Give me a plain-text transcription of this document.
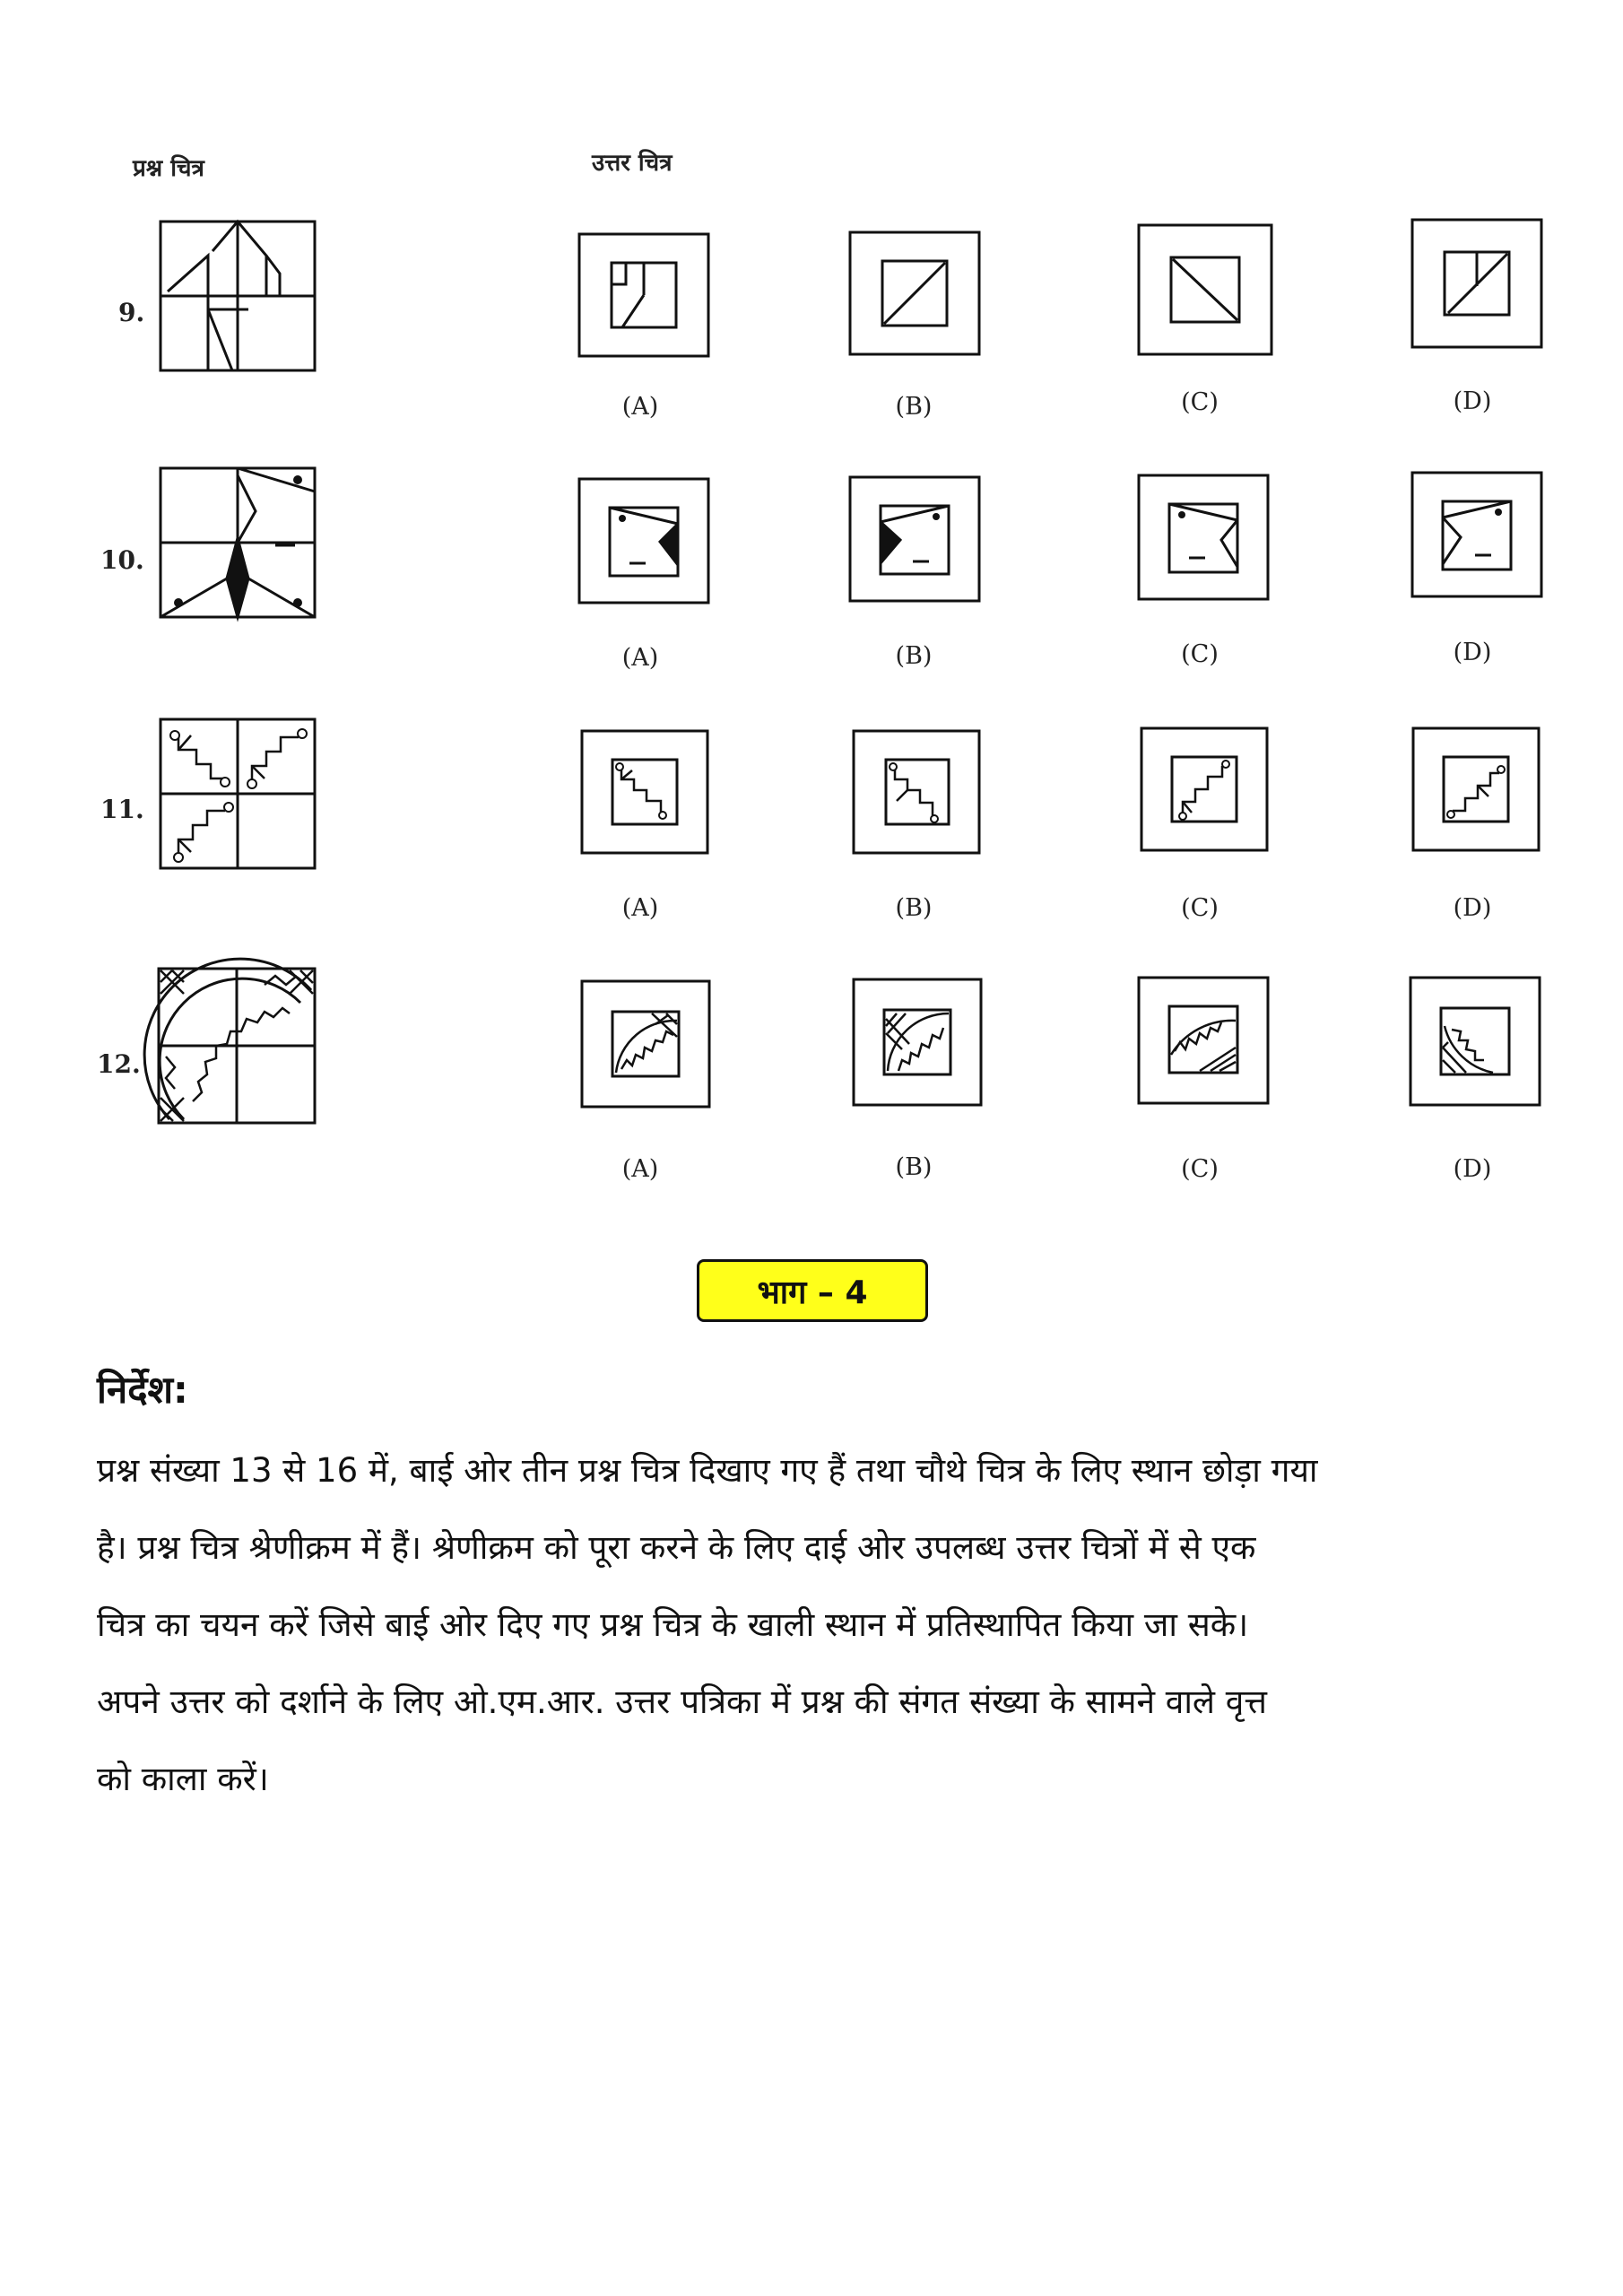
प्रश्न चित्र	उत्तर चित्र
9.
(A)	(B)	(C)	(D)
10.
(A)	(B)	(C)	(D)
11.
(A)	(B)	(C)	(D)
12.
(A)	(B)	(C)	(D)
भाग – 4
निर्देश:
प्रश्न संख्या 13 से 16 में, बाई ओर तीन प्रश्न चित्र दिखाए गए हैं तथा चौथे चित्र के लिए स्थान छोड़ा गया
है। प्रश्न चित्र श्रेणीक्रम में हैं। श्रेणीक्रम को पूरा करने के लिए दाई ओर उपलब्ध उत्तर चित्रों में से एक
चित्र का चयन करें जिसे बाई ओर दिए गए प्रश्न चित्र के खाली स्थान में प्रतिस्थापित किया जा सके।
अपने उत्तर को दर्शाने के लिए ओ.एम.आर. उत्तर पत्रिका में प्रश्न की संगत संख्या के सामने वाले वृत्त
को काला करें।
